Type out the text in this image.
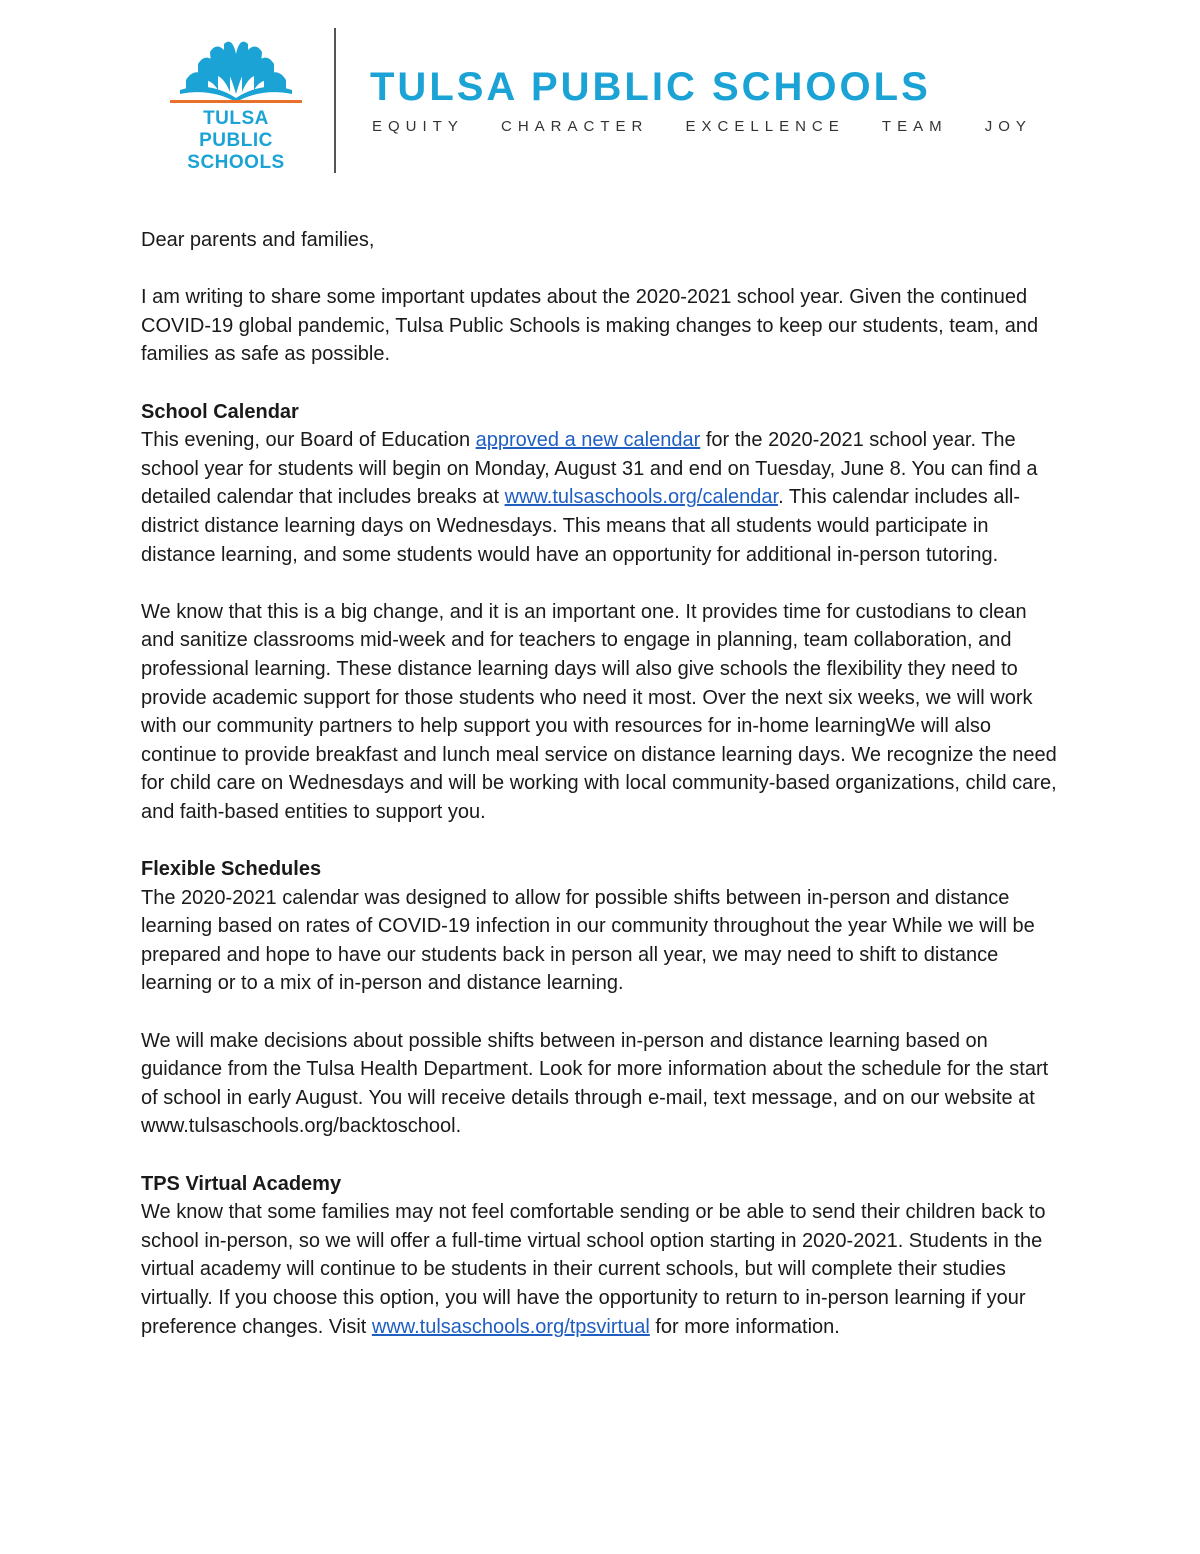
TULSA PUBLIC
SCHOOLS
TULSA PUBLIC SCHOOLS
EQUITY CHARACTER EXCELLENCE TEAM JOY

Dear parents and families,

I am writing to share some important updates about the 2020-2021 school year. Given the continued COVID-19 global pandemic, Tulsa Public Schools is making changes to keep our students, team, and families as safe as possible.

School Calendar

This evening, our Board of Education approved a new calendar for the 2020-2021 school year. The school year for students will begin on Monday, August 31 and end on Tuesday, June 8. You can find a detailed calendar that includes breaks at www.tulsaschools.org/calendar. This calendar includes all-district distance learning days on Wednesdays. This means that all students would participate in distance learning, and some students would have an opportunity for additional in-person tutoring.

We know that this is a big change, and it is an important one. It provides time for custodians to clean and sanitize classrooms mid-week and for teachers to engage in planning, team collaboration, and professional learning. These distance learning days will also give schools the flexibility they need to provide academic support for those students who need it most. Over the next six weeks, we will work with our community partners to help support you with resources for in-home learningWe will also continue to provide breakfast and lunch meal service on distance learning days. We recognize the need for child care on Wednesdays and will be working with local community-based organizations, child care, and faith-based entities to support you.

Flexible Schedules

The 2020-2021 calendar was designed to allow for possible shifts between in-person and distance learning based on rates of COVID-19 infection in our community throughout the year While we will be prepared and hope to have our students back in person all year, we may need to shift to distance learning or to a mix of in-person and distance learning.

We will make decisions about possible shifts between in-person and distance learning based on guidance from the Tulsa Health Department. Look for more information about the schedule for the start of school in early August. You will receive details through e-mail, text message, and on our website at www.tulsaschools.org/backtoschool.

TPS Virtual Academy

We know that some families may not feel comfortable sending or be able to send their children back to school in-person, so we will offer a full-time virtual school option starting in 2020-2021. Students in the virtual academy will continue to be students in their current schools, but will complete their studies virtually. If you choose this option, you will have the opportunity to return to in-person learning if your preference changes. Visit www.tulsaschools.org/tpsvirtual for more information.
